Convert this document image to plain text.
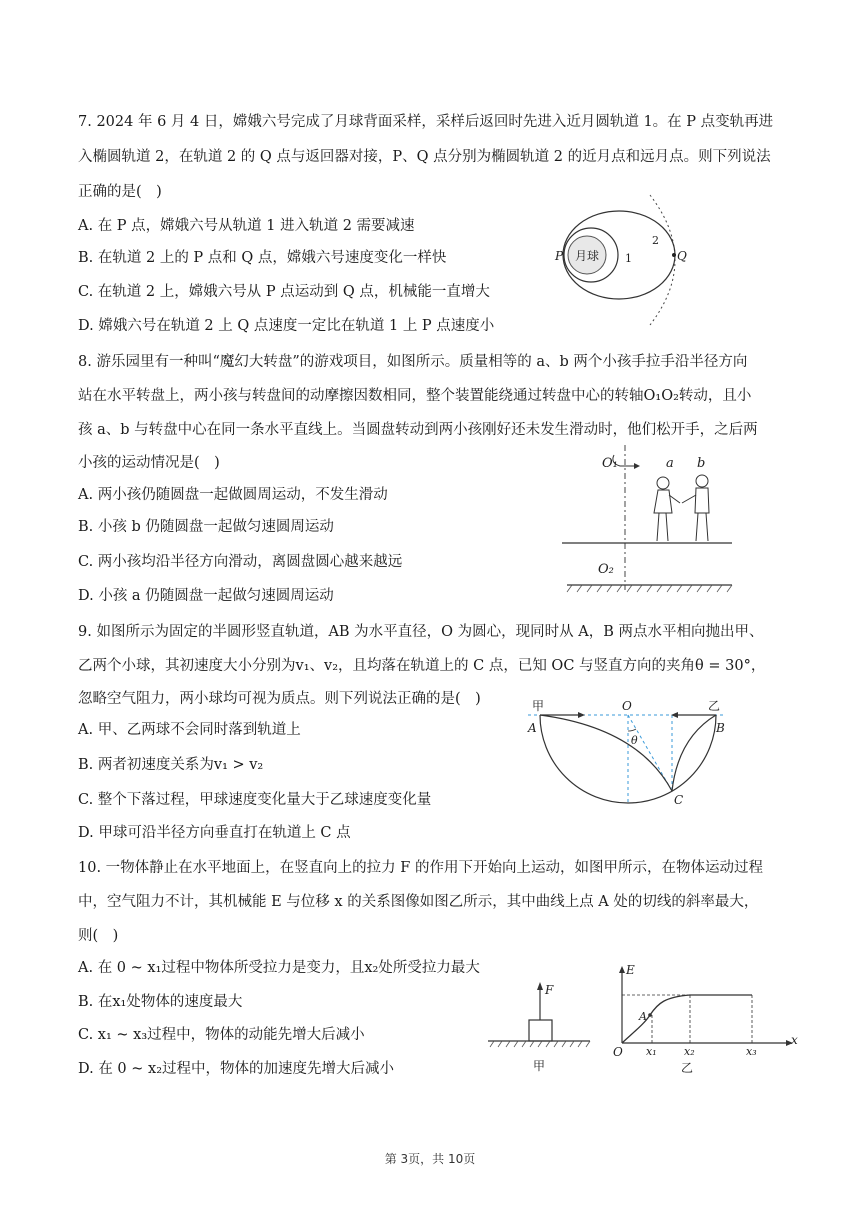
7. 2024 年 6 月 4 日，嫦娥六号完成了月球背面采样，采样后返回时先进入近月圆轨道 1。在 P 点变轨再进
入椭圆轨道 2，在轨道 2 的 Q 点与返回器对接，P、Q 点分别为椭圆轨道 2 的近月点和远月点。则下列说法
正确的是(　)
A. 在 P 点，嫦娥六号从轨道 1 进入轨道 2 需要减速
B. 在轨道 2 上的 P 点和 Q 点，嫦娥六号速度变化一样快
C. 在轨道 2 上，嫦娥六号从 P 点运动到 Q 点，机械能一直增大
D. 嫦娥六号在轨道 2 上 Q 点速度一定比在轨道 1 上 P 点速度小
月球
P	Q
1
2
8. 游乐园里有一种叫“魔幻大转盘”的游戏项目，如图所示。质量相等的 a、b 两个小孩手拉手沿半径方向
站在水平转盘上，两小孩与转盘间的动摩擦因数相同，整个装置能绕通过转盘中心的转轴O₁O₂转动，且小
孩 a、b 与转盘中心在同一条水平直线上。当圆盘转动到两小孩刚好还未发生滑动时，他们松开手，之后两
小孩的运动情况是(　)
A. 两小孩仍随圆盘一起做圆周运动，不发生滑动
B. 小孩 b 仍随圆盘一起做匀速圆周运动
C. 两小孩均沿半径方向滑动，离圆盘圆心越来越远
D. 小孩 a 仍随圆盘一起做匀速圆周运动
O₁	a b
O₂
9. 如图所示为固定的半圆形竖直轨道，AB 为水平直径，O 为圆心，现同时从 A，B 两点水平相向抛出甲、
乙两个小球，其初速度大小分别为v₁、v₂，且均落在轨道上的 C 点，已知 OC 与竖直方向的夹角θ = 30°，
忽略空气阻力，两小球均可视为质点。则下列说法正确的是(　)
A. 甲、乙两球不会同时落到轨道上
B. 两者初速度关系为v₁ > v₂
C. 整个下落过程，甲球速度变化量大于乙球速度变化量
D. 甲球可沿半径方向垂直打在轨道上 C 点
甲	乙
A	B
O
θ
C
10. 一物体静止在水平地面上，在竖直向上的拉力 F 的作用下开始向上运动，如图甲所示，在物体运动过程
中，空气阻力不计，其机械能 E 与位移 x 的关系图像如图乙所示，其中曲线上点 A 处的切线的斜率最大，
则(　)
A. 在 0 ~ x₁过程中物体所受拉力是变力，且x₂处所受拉力最大
B. 在x₁处物体的速度最大
C. x₁ ~ x₃过程中，物体的动能先增大后减小
D. 在 0 ~ x₂过程中，物体的加速度先增大后减小
F
甲
E
x
O
A
x₁ x₂	x₃
乙
第 3页，共 10页
